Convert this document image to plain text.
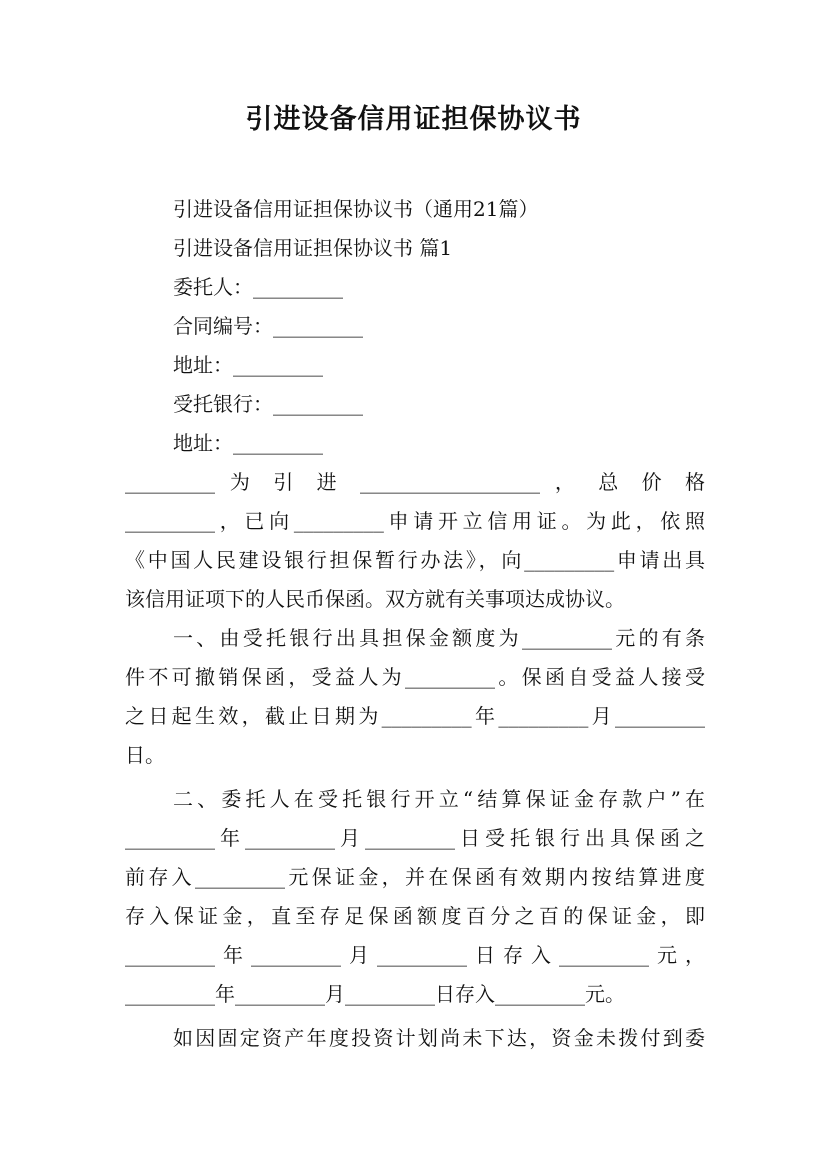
引进设备信用证担保协议书
引进设备信用证担保协议书（通用21篇）
引进设备信用证担保协议书 篇1
委托人：_________
合同编号：_________
地址：_________
受托银行：_________
地址：_________
_________ 为 引 进 __________________ ， 总 价 格
_________，已向_________申请开立信用证。为此，依照
《中国人民建设银行担保暂行办法》，向_________申请出具
该信用证项下的人民币保函。双方就有关事项达成协议。
一、由受托银行出具担保金额度为_________元的有条
件不可撤销保函，受益人为_________。保函自受益人接受
之日起生效，截止日期为_________年_________月_________
日。
二、委托人在受托银行开立“结算保证金存款户”在
_________年_________月_________日受托银行出具保函之
前存入_________元保证金，并在保函有效期内按结算进度
存入保证金，直至存足保函额度百分之百的保证金，即
_________年_________月_________日存入_________元，
_________年_________月_________日存入_________元。
如因固定资产年度投资计划尚未下达，资金未拨付到委
